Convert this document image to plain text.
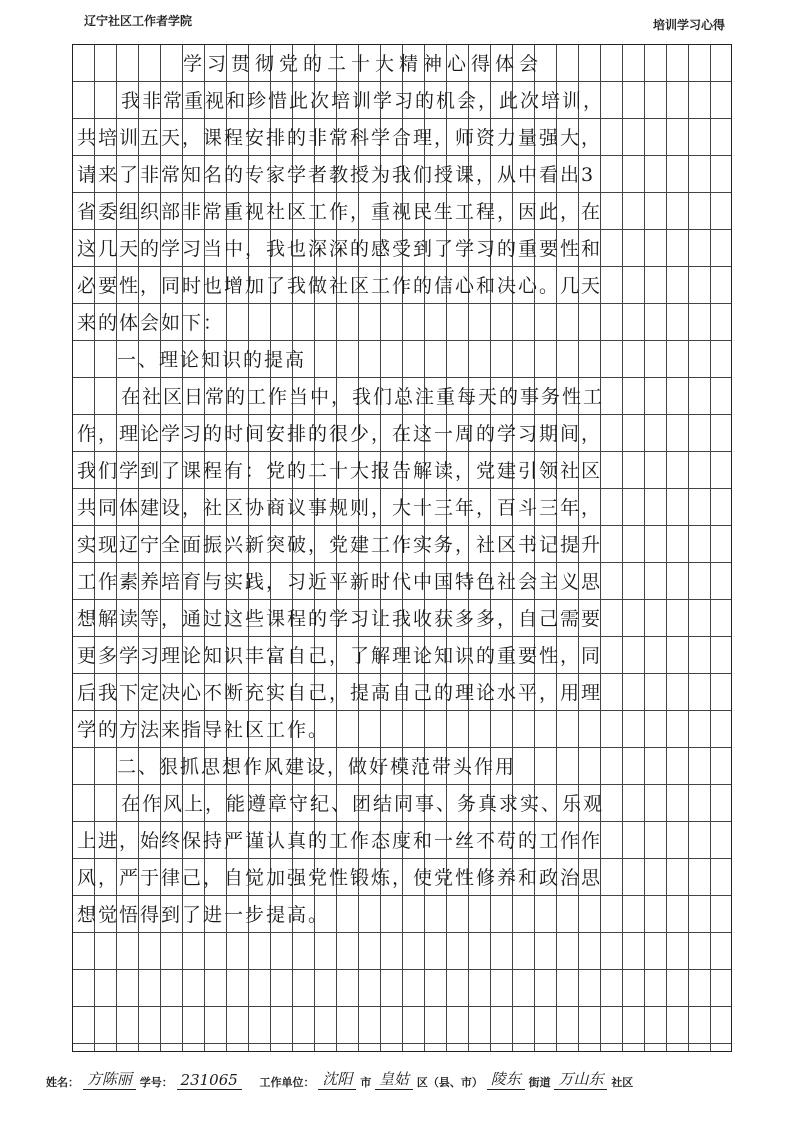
辽宁社区工作者学院	培训学习心得
学习贯彻党的二十大精神心得体会
我非常重视和珍惜此次培训学习的机会，此次培训，
共培训五天，课程安排的非常科学合理，师资力量强大，
请来了非常知名的专家学者教授为我们授课，从中看出3
省委组织部非常重视社区工作，重视民生工程，因此，在
这几天的学习当中，我也深深的感受到了学习的重要性和
必要性，同时也增加了我做社区工作的信心和决心。几天
来的体会如下：
一、理论知识的提高
在社区日常的工作当中，我们总注重每天的事务性工
作，理论学习的时间安排的很少，在这一周的学习期间，
我们学到了课程有：党的二十大报告解读，党建引领社区
共同体建设，社区协商议事规则，大十三年，百斗三年，
实现辽宁全面振兴新突破，党建工作实务，社区书记提升
工作素养培育与实践，习近平新时代中国特色社会主义思
想解读等，通过这些课程的学习让我收获多多，自己需要
更多学习理论知识丰富自己，了解理论知识的重要性，同
后我下定决心不断充实自己，提高自己的理论水平，用理
学的方法来指导社区工作。
二、狠抓思想作风建设，做好模范带头作用
在作风上，能遵章守纪、团结同事、务真求实、乐观
上进，始终保持严谨认真的工作态度和一丝不苟的工作作
风，严于律己，自觉加强党性锻炼，使党性修养和政治思
想觉悟得到了进一步提高。
姓名： 方陈丽 学号： 231065 工作单位： 沈阳 市 皇姑 区（县、市） 陵东 街道 万山东 社区
